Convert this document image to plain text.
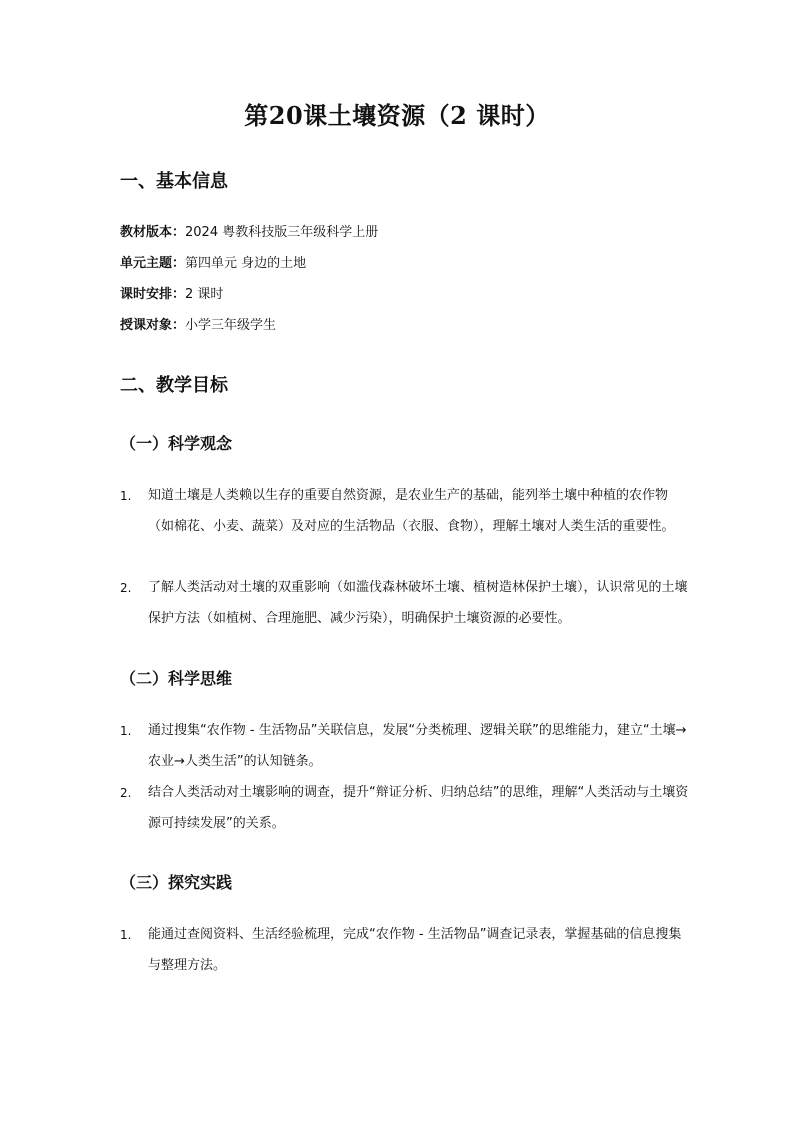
第20课土壤资源（2 课时）
一、基本信息
教材版本：2024 粤教科技版三年级科学上册
单元主题：第四单元 身边的土地
课时安排：2 课时
授课对象：小学三年级学生
二、教学目标
（一）科学观念
1.	知道土壤是人类赖以生存的重要自然资源，是农业生产的基础，能列举土壤中种植的农作物（如棉花、小麦、蔬菜）及对应的生活物品（衣服、食物），理解土壤对人类生活的重要性。
2.	了解人类活动对土壤的双重影响（如滥伐森林破坏土壤、植树造林保护土壤），认识常见的土壤保护方法（如植树、合理施肥、减少污染），明确保护土壤资源的必要性。
（二）科学思维
1.	通过搜集“农作物 - 生活物品”关联信息，发展“分类梳理、逻辑关联”的思维能力，建立“土壤→农业→人类生活”的认知链条。
2.	结合人类活动对土壤影响的调查，提升“辩证分析、归纳总结”的思维，理解“人类活动与土壤资源可持续发展”的关系。
（三）探究实践
1.	能通过查阅资料、生活经验梳理，完成“农作物 - 生活物品”调查记录表，掌握基础的信息搜集与整理方法。
